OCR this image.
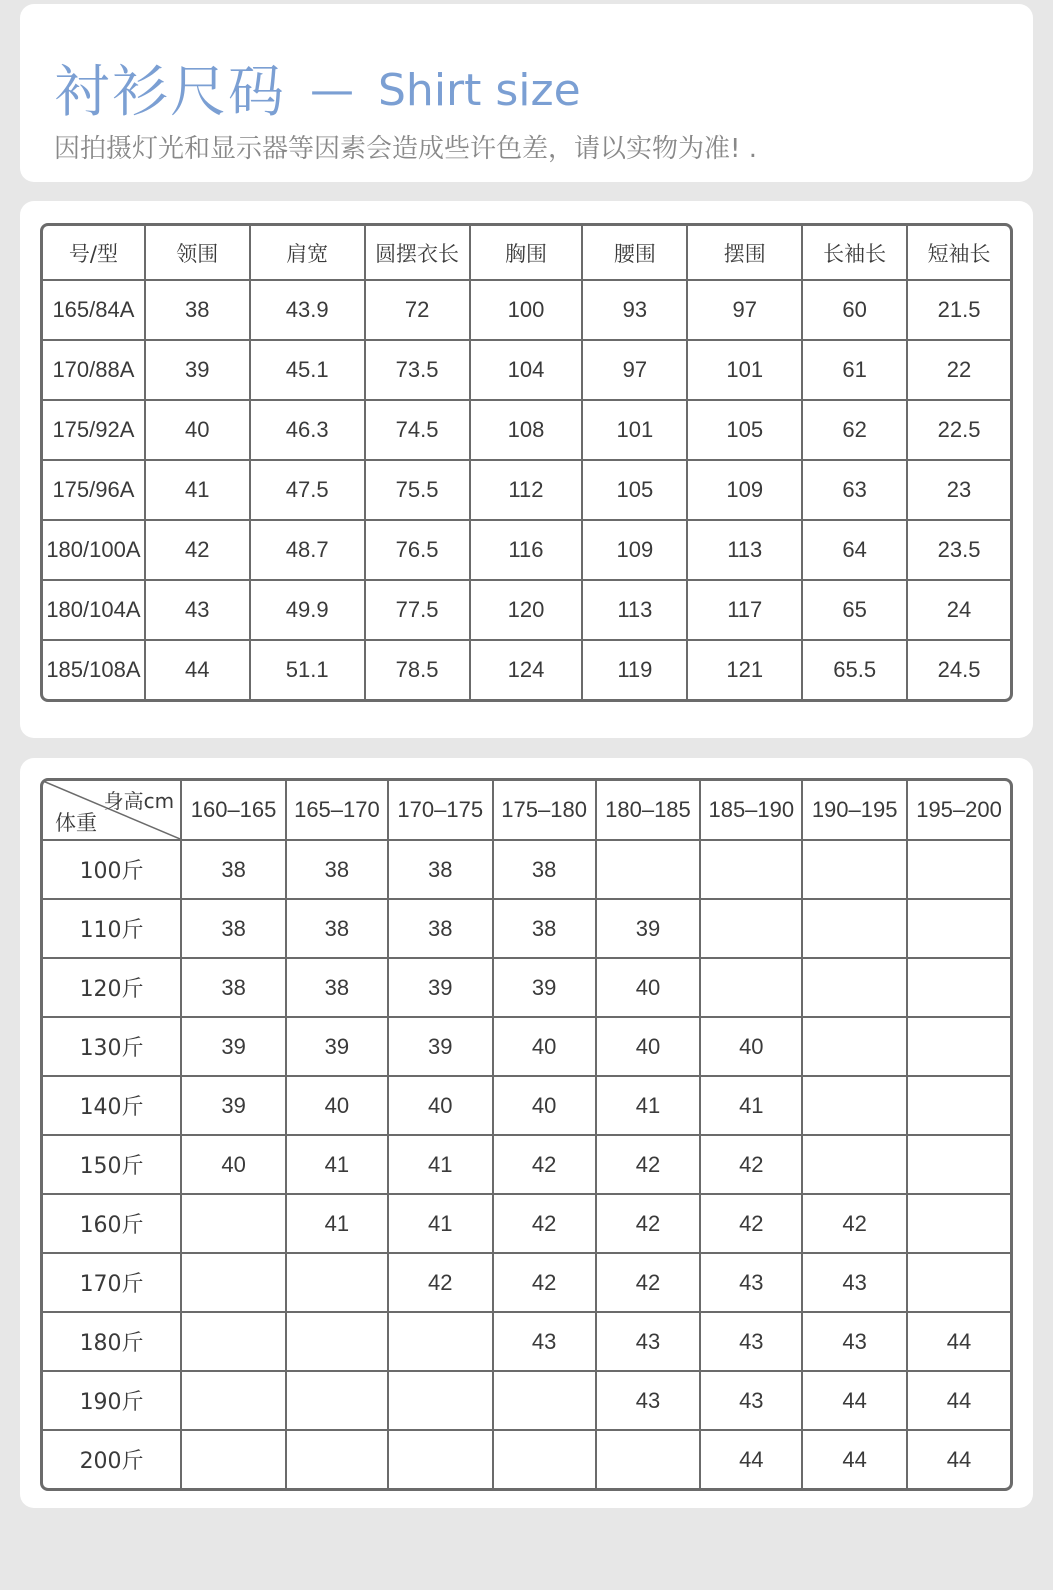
衬衫尺码 — Shirt size
因拍摄灯光和显示器等因素会造成些许色差，请以实物为准! .
号/型	领围	肩宽	圆摆衣长	胸围	腰围	摆围	长袖长	短袖长
165/84A	38	43.9	72	100	93	97	60	21.5
170/88A	39	45.1	73.5	104	97	101	61	22
175/92A	40	46.3	74.5	108	101	105	62	22.5
175/96A	41	47.5	75.5	112	105	109	63	23
180/100A	42	48.7	76.5	116	109	113	64	23.5
180/104A	43	49.9	77.5	120	113	117	65	24
185/108A	44	51.1	78.5	124	119	121	65.5	24.5
身高cm
体重	160–165	165–170	170–175	175–180	180–185	185–190	190–195	195–200
100斤	38	38	38	38				
110斤	38	38	38	38	39			
120斤	38	38	39	39	40			
130斤	39	39	39	40	40	40		
140斤	39	40	40	40	41	41		
150斤	40	41	41	42	42	42		
160斤		41	41	42	42	42	42	
170斤			42	42	42	43	43	
180斤				43	43	43	43	44
190斤					43	43	44	44
200斤						44	44	44
